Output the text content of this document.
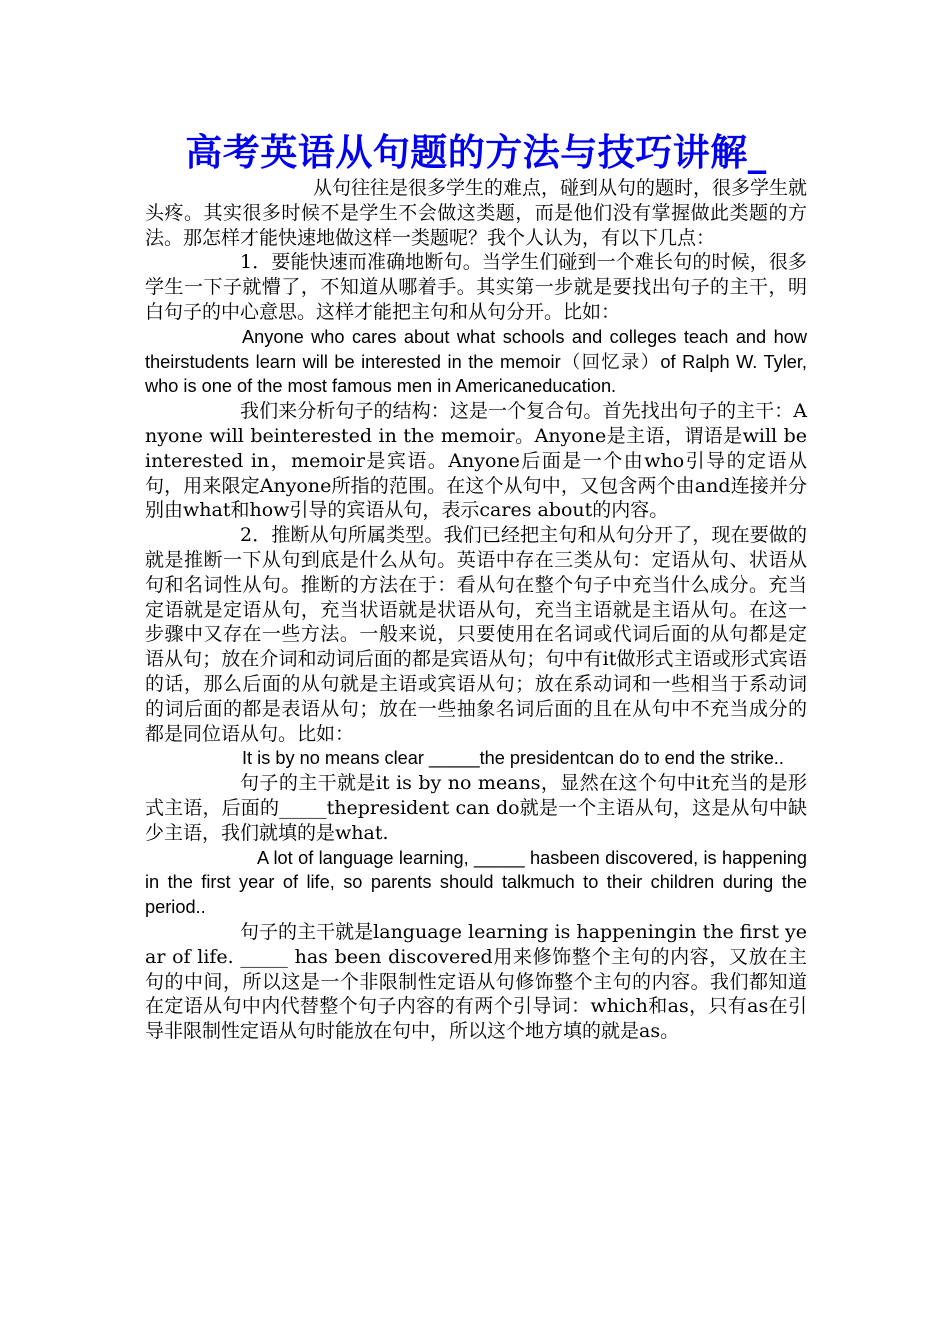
高考英语从句题的方法与技巧讲解_

从句往往是很多学生的难点，碰到从句的题时，很多学生就头疼。其实很多时候不是学生不会做这类题，而是他们没有掌握做此类题的方法。那怎样才能快速地做这样一类题呢？我个人认为，有以下几点：

1．要能快速而准确地断句。当学生们碰到一个难长句的时候，很多学生一下子就懵了，不知道从哪着手。其实第一步就是要找出句子的主干，明白句子的中心意思。这样才能把主句和从句分开。比如：

Anyone who cares about what schools and colleges teach and how theirstudents learn will be interested in the memoir（回忆录）of Ralph W. Tyler, who is one of the most famous men in Americaneducation.

我们来分析句子的结构：这是一个复合句。首先找出句子的主干：Anyone will beinterested in the memoir。Anyone是主语，谓语是will be interested in，memoir是宾语。Anyone后面是一个由who引导的定语从句，用来限定Anyone所指的范围。在这个从句中，又包含两个由and连接并分别由what和how引导的宾语从句，表示cares about的内容。

2．推断从句所属类型。我们已经把主句和从句分开了，现在要做的就是推断一下从句到底是什么从句。英语中存在三类从句：定语从句、状语从句和名词性从句。推断的方法在于：看从句在整个句子中充当什么成分。充当定语就是定语从句，充当状语就是状语从句，充当主语就是主语从句。在这一步骤中又存在一些方法。一般来说，只要使用在名词或代词后面的从句都是定语从句；放在介词和动词后面的都是宾语从句；句中有it做形式主语或形式宾语的话，那么后面的从句就是主语或宾语从句；放在系动词和一些相当于系动词的词后面的都是表语从句；放在一些抽象名词后面的且在从句中不充当成分的都是同位语从句。比如：

It is by no means clear _____the presidentcan do to end the strike..

句子的主干就是it is by no means，显然在这个句中it充当的是形式主语，后面的_____thepresident can do就是一个主语从句，这是从句中缺少主语，我们就填的是what.

A lot of language learning, _____ hasbeen discovered, is happening in the first year of life, so parents should talkmuch to their children during the period..

句子的主干就是language learning is happeningin the first year of life. _____ has been discovered用来修饰整个主句的内容，又放在主句的中间，所以这是一个非限制性定语从句修饰整个主句的内容。我们都知道在定语从句中内代替整个句子内容的有两个引导词：which和as，只有as在引导非限制性定语从句时能放在句中，所以这个地方填的就是as。
